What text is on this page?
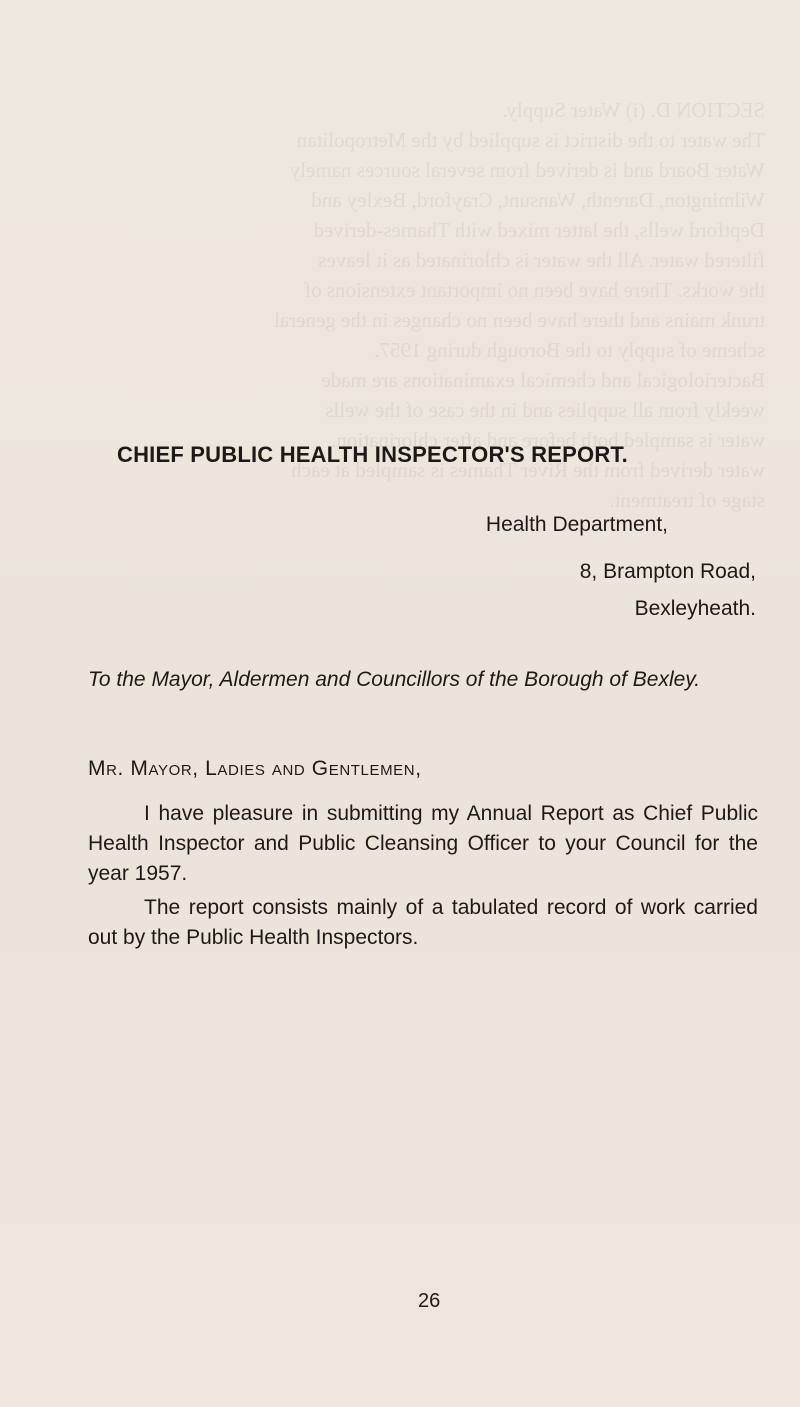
SECTION D. (i) Water Supply.
The water to the district is supplied by the Metropolitan
Water Board and is derived from several sources namely
Wilmington, Darenth, Wansunt, Crayford, Bexley and
Deptford wells, the latter mixed with Thames-derived
filtered water. All the water is chlorinated as it leaves
the works. There have been no important extensions of
trunk mains and there have been no changes in the general
scheme of supply to the Borough during 1957.
Bacteriological and chemical examinations are made
weekly from all supplies and in the case of the wells
water is sampled both before and after chlorination.
water derived from the River Thames is sampled at each
stage of treatment.
CHIEF PUBLIC HEALTH INSPECTOR'S REPORT.
Health Department,
8, Brampton Road,
Bexleyheath.
To the Mayor, Aldermen and Councillors of the Borough of Bexley.
Mr. Mayor, Ladies and Gentlemen,
I have pleasure in submitting my Annual Report as Chief Public Health Inspector and Public Cleansing Officer to your Council for the year 1957.
The report consists mainly of a tabulated record of work carried out by the Public Health Inspectors.
26
